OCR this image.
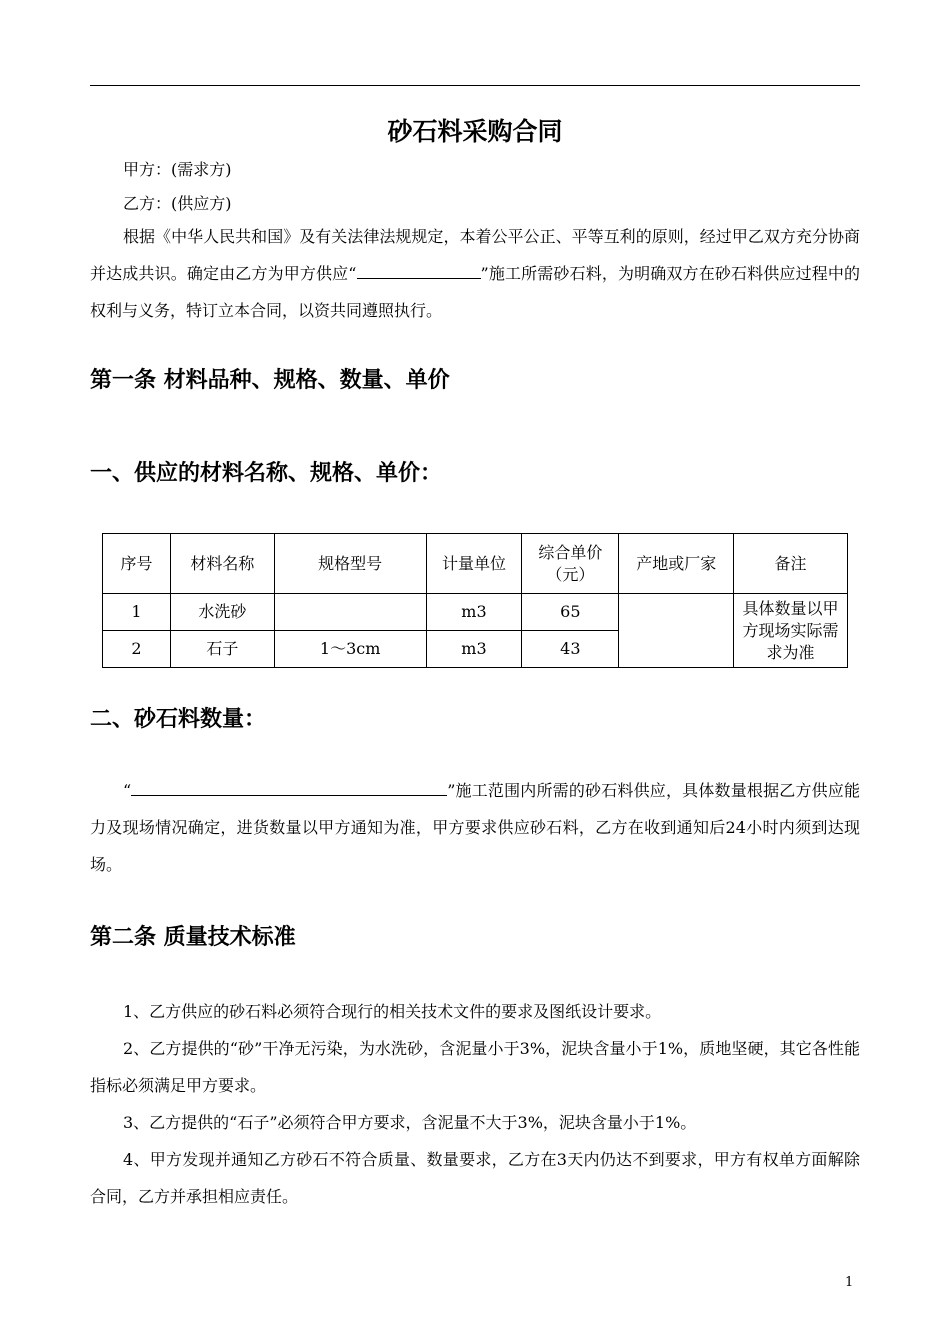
砂石料采购合同
甲方：(需求方)
乙方：(供应方)
根据《中华人民共和国》及有关法律法规规定，本着公平公正、平等互利的原则，经过甲乙双方充分协商并达成共识。确定由乙方为甲方供应“	”施工所需砂石料，为明确双方在砂石料供应过程中的权利与义务，特订立本合同，以资共同遵照执行。
第一条 材料品种、规格、数量、单价
一、供应的材料名称、规格、单价：
序号	材料名称	规格型号	计量单位	综合单价（元）	产地或厂家	备注
1	水洗砂		m3	65		具体数量以甲方现场实际需求为准
2	石子	1～3cm	m3	43		
二、砂石料数量：
“	”施工范围内所需的砂石料供应，具体数量根据乙方供应能力及现场情况确定，进货数量以甲方通知为准，甲方要求供应砂石料，乙方在收到通知后24小时内须到达现场。
第二条 质量技术标准
1、乙方供应的砂石料必须符合现行的相关技术文件的要求及图纸设计要求。
2、乙方提供的“砂”干净无污染，为水洗砂，含泥量小于3%，泥块含量小于1%，质地坚硬，其它各性能指标必须满足甲方要求。
3、乙方提供的“石子”必须符合甲方要求，含泥量不大于3%，泥块含量小于1%。
4、甲方发现并通知乙方砂石不符合质量、数量要求，乙方在3天内仍达不到要求，甲方有权单方面解除合同，乙方并承担相应责任。
1
